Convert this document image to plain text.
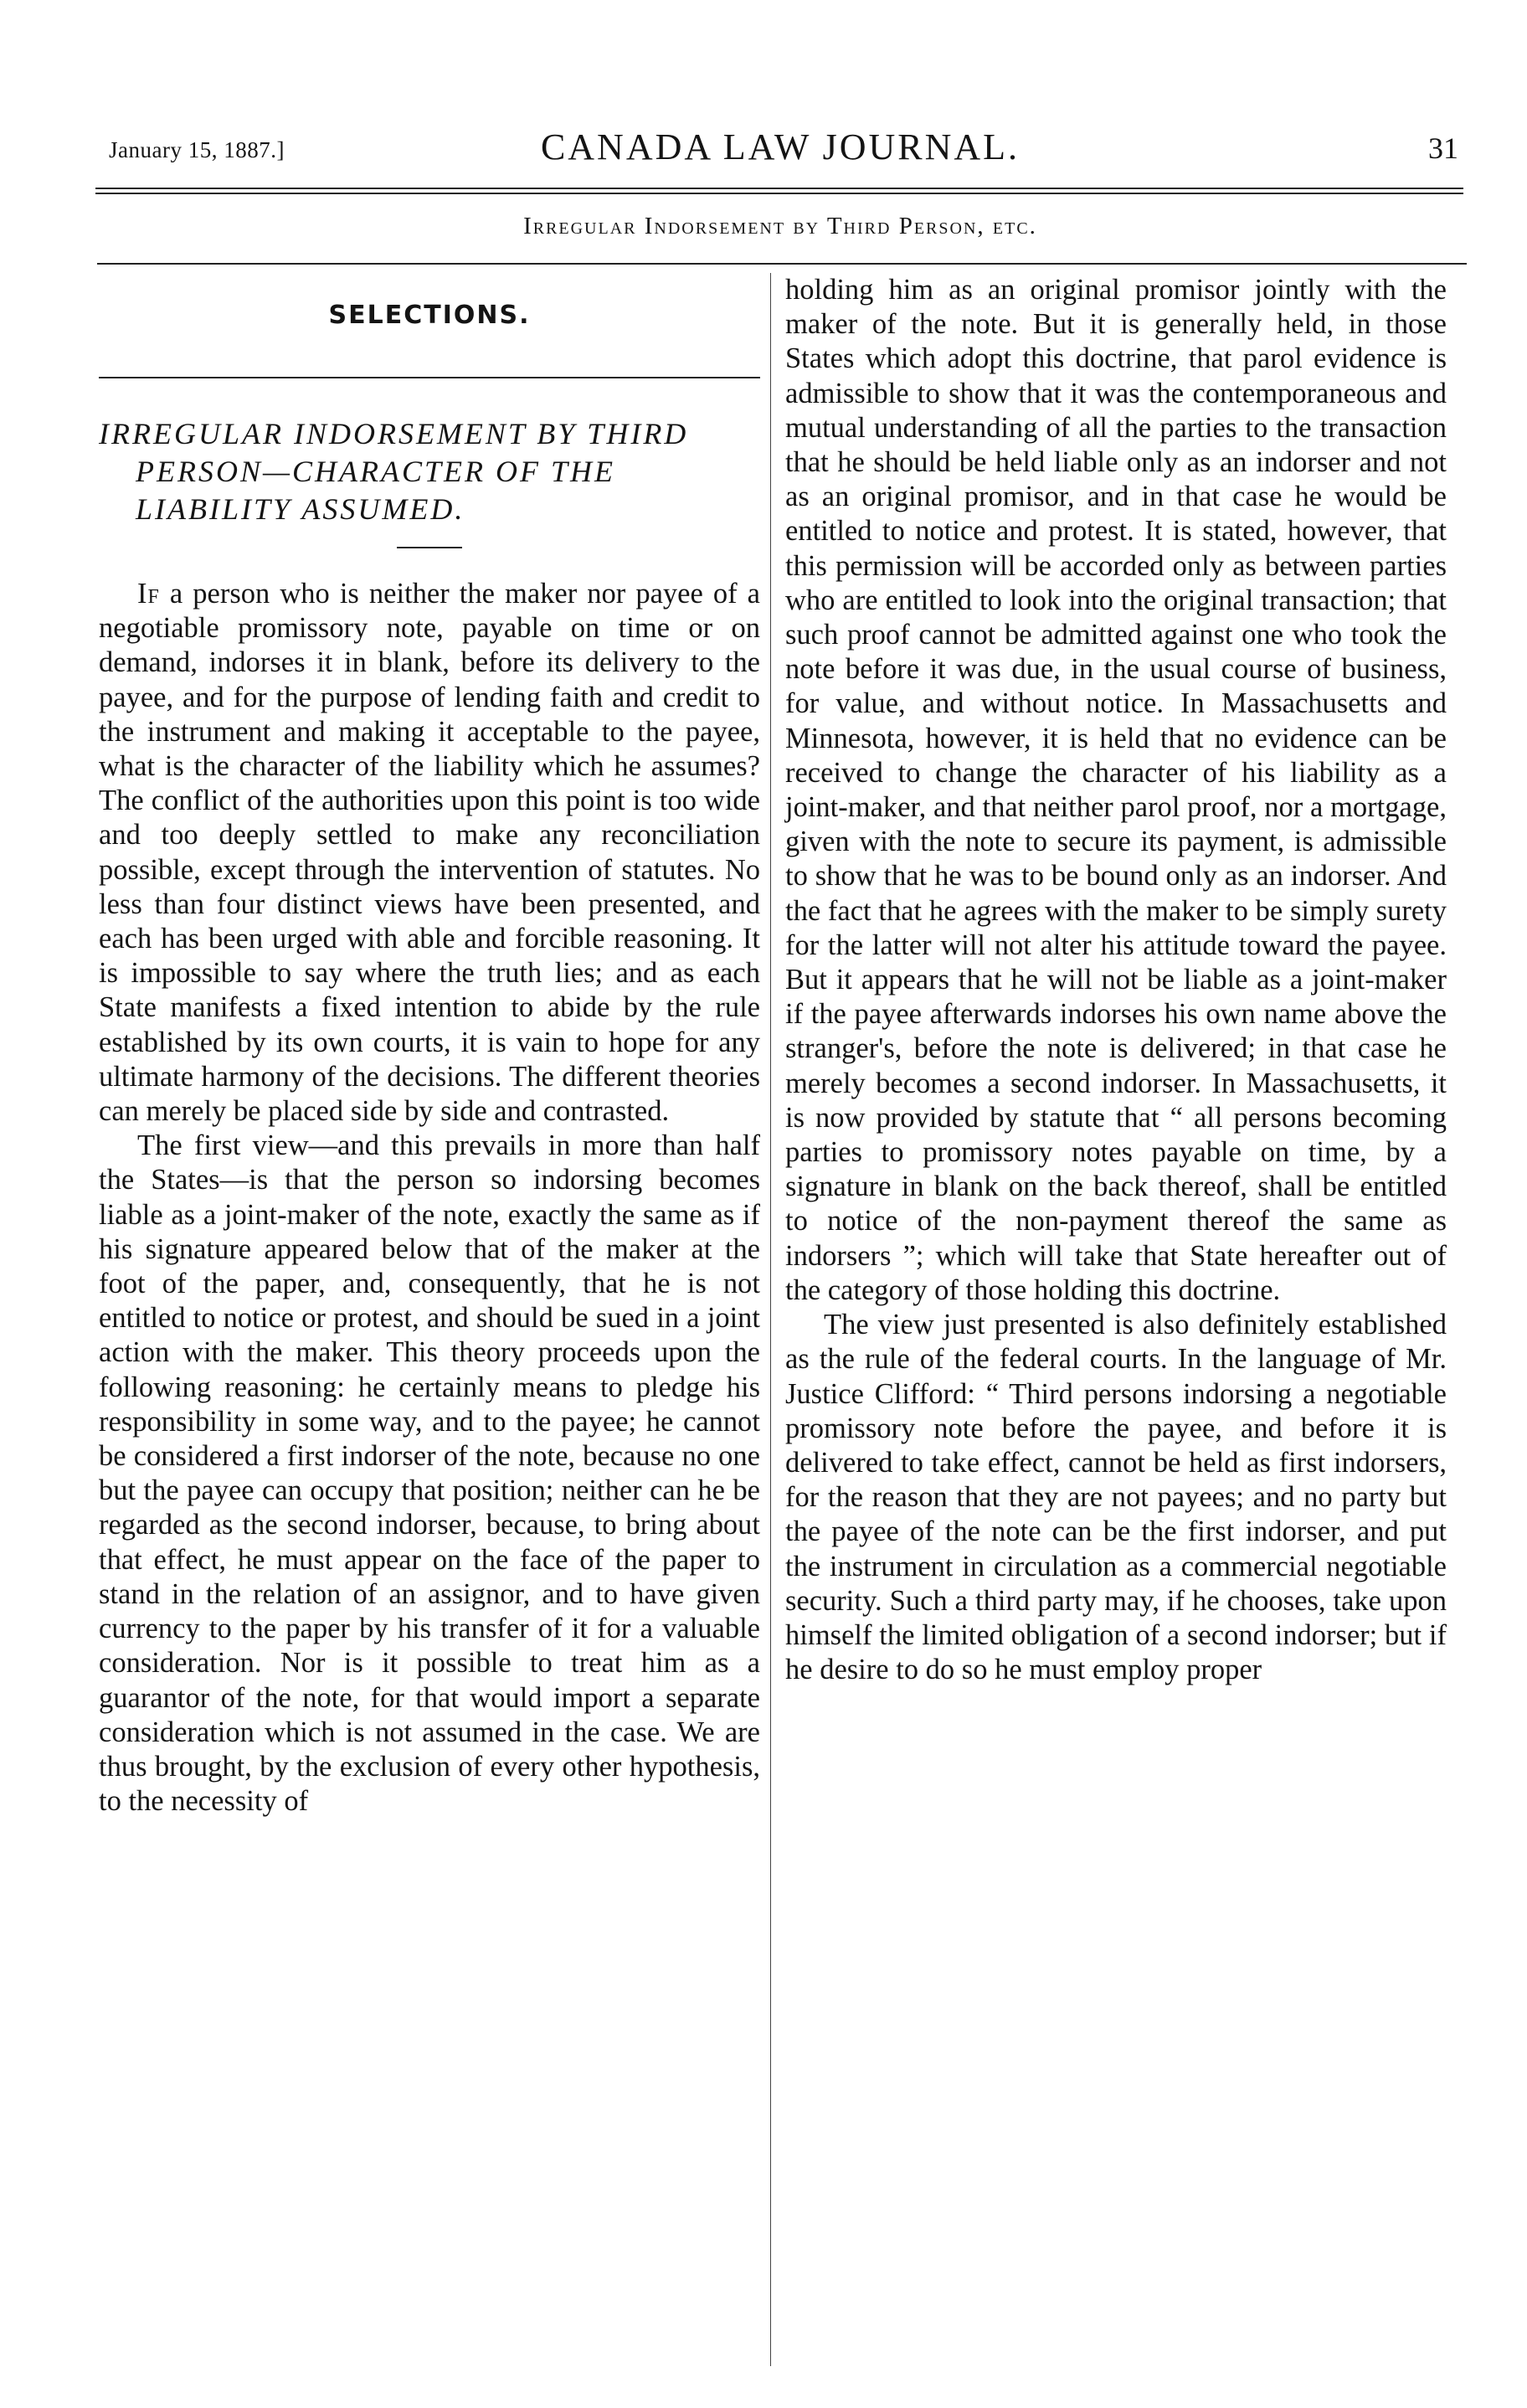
January 15, 1887.]	CANADA LAW JOURNAL.	31
Irregular Indorsement by Third Person, etc.
SELECTIONS.
IRREGULAR INDORSEMENT BY THIRD PERSON—CHARACTER OF THE LIABILITY ASSUMED.

If a person who is neither the maker nor payee of a negotiable promissory note, payable on time or on demand, indorses it in blank, before its delivery to the payee, and for the purpose of lending faith and credit to the instrument and making it acceptable to the payee, what is the character of the liability which he assumes? The conflict of the authorities upon this point is too wide and too deeply settled to make any reconciliation possible, except through the intervention of statutes. No less than four distinct views have been presented, and each has been urged with able and forcible reasoning. It is impossible to say where the truth lies; and as each State manifests a fixed intention to abide by the rule established by its own courts, it is vain to hope for any ultimate harmony of the decisions. The different theories can merely be placed side by side and contrasted.

The first view—and this prevails in more than half the States—is that the person so indorsing becomes liable as a joint-maker of the note, exactly the same as if his signature appeared below that of the maker at the foot of the paper, and, consequently, that he is not entitled to notice or protest, and should be sued in a joint action with the maker. This theory proceeds upon the following reasoning: he certainly means to pledge his responsibility in some way, and to the payee; he cannot be considered a first indorser of the note, because no one but the payee can occupy that position; neither can he be regarded as the second indorser, because, to bring about that effect, he must appear on the face of the paper to stand in the relation of an assignor, and to have given currency to the paper by his transfer of it for a valuable consideration. Nor is it possible to treat him as a guarantor of the note, for that would import a separate consideration which is not assumed in the case. We are thus brought, by the exclusion of every other hypothesis, to the necessity of

holding him as an original promisor jointly with the maker of the note. But it is generally held, in those States which adopt this doctrine, that parol evidence is admissible to show that it was the contemporaneous and mutual understanding of all the parties to the transaction that he should be held liable only as an indorser and not as an original promisor, and in that case he would be entitled to notice and protest. It is stated, however, that this permission will be accorded only as between parties who are entitled to look into the original transaction; that such proof cannot be admitted against one who took the note before it was due, in the usual course of business, for value, and without notice. In Massachusetts and Minnesota, however, it is held that no evidence can be received to change the character of his liability as a joint-maker, and that neither parol proof, nor a mortgage, given with the note to secure its payment, is admissible to show that he was to be bound only as an indorser. And the fact that he agrees with the maker to be simply surety for the latter will not alter his attitude toward the payee. But it appears that he will not be liable as a joint-maker if the payee afterwards indorses his own name above the stranger's, before the note is delivered; in that case he merely becomes a second indorser. In Massachusetts, it is now provided by statute that “ all persons becoming parties to promissory notes payable on time, by a signature in blank on the back thereof, shall be entitled to notice of the non-payment thereof the same as indorsers ”; which will take that State hereafter out of the category of those holding this doctrine.

The view just presented is also definitely established as the rule of the federal courts. In the language of Mr. Justice Clifford: “ Third persons indorsing a negotiable promissory note before the payee, and before it is delivered to take effect, cannot be held as first indorsers, for the reason that they are not payees; and no party but the payee of the note can be the first indorser, and put the instrument in circulation as a commercial negotiable security. Such a third party may, if he chooses, take upon himself the limited obligation of a second indorser; but if he desire to do so he must employ proper
